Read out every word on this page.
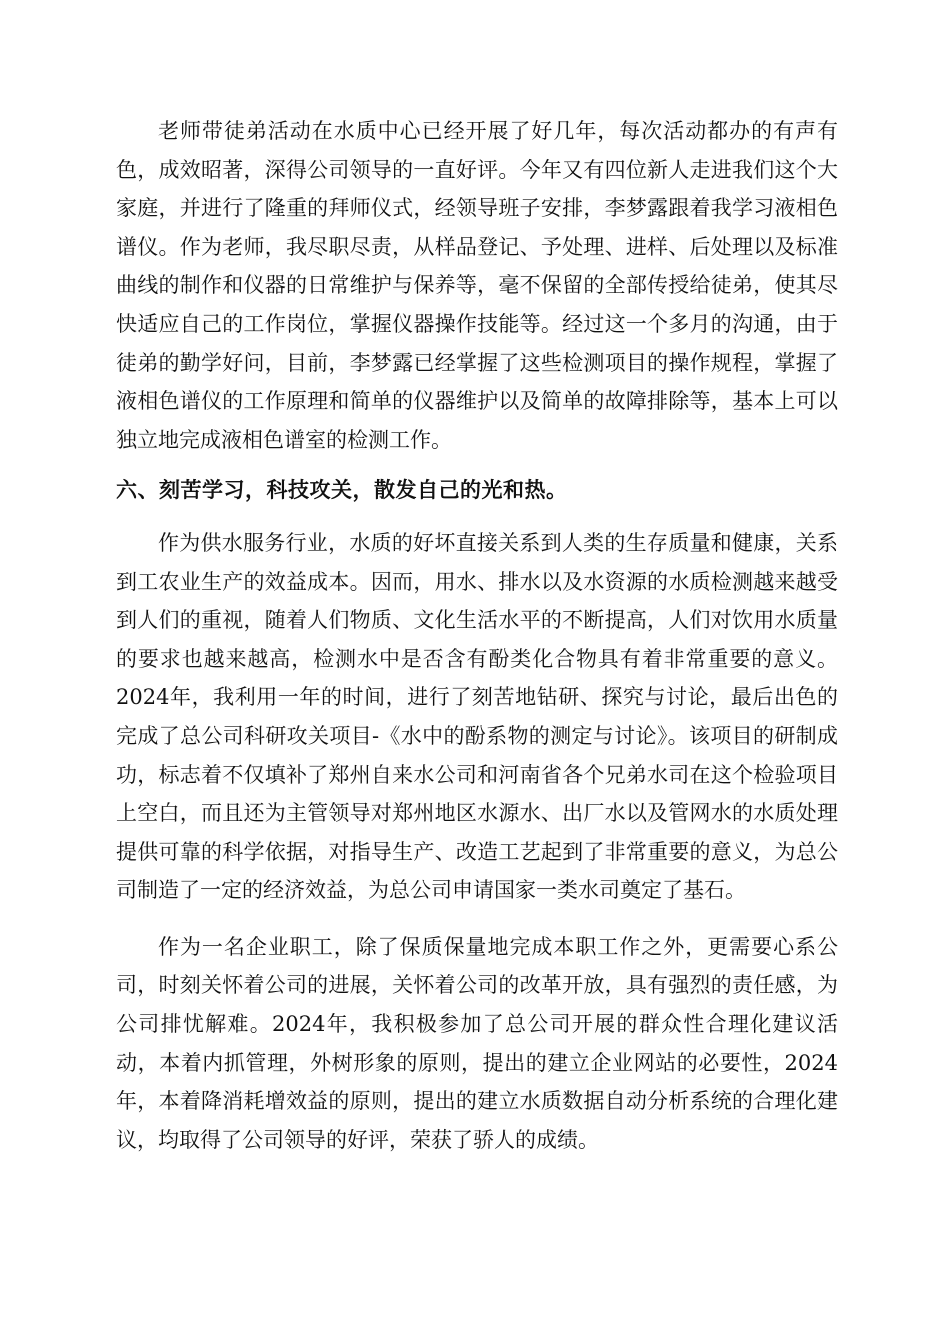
老师带徒弟活动在水质中心已经开展了好几年，每次活动都办的有声有色，成效昭著，深得公司领导的一直好评。今年又有四位新人走进我们这个大家庭，并进行了隆重的拜师仪式，经领导班子安排，李梦露跟着我学习液相色谱仪。作为老师，我尽职尽责，从样品登记、予处理、进样、后处理以及标准曲线的制作和仪器的日常维护与保养等，毫不保留的全部传授给徒弟，使其尽快适应自己的工作岗位，掌握仪器操作技能等。经过这一个多月的沟通，由于徒弟的勤学好问，目前，李梦露已经掌握了这些检测项目的操作规程，掌握了液相色谱仪的工作原理和简单的仪器维护以及简单的故障排除等，基本上可以独立地完成液相色谱室的检测工作。

六、刻苦学习，科技攻关，散发自己的光和热。

作为供水服务行业，水质的好坏直接关系到人类的生存质量和健康，关系到工农业生产的效益成本。因而，用水、排水以及水资源的水质检测越来越受到人们的重视，随着人们物质、文化生活水平的不断提高，人们对饮用水质量的要求也越来越高，检测水中是否含有酚类化合物具有着非常重要的意义。2024年，我利用一年的时间，进行了刻苦地钻研、探究与讨论，最后出色的完成了总公司科研攻关项目-《水中的酚系物的测定与讨论》。该项目的研制成功，标志着不仅填补了郑州自来水公司和河南省各个兄弟水司在这个检验项目上空白，而且还为主管领导对郑州地区水源水、出厂水以及管网水的水质处理提供可靠的科学依据，对指导生产、改造工艺起到了非常重要的意义，为总公司制造了一定的经济效益，为总公司申请国家一类水司奠定了基石。

作为一名企业职工，除了保质保量地完成本职工作之外，更需要心系公司，时刻关怀着公司的进展，关怀着公司的改革开放，具有强烈的责任感，为公司排忧解难。2024年，我积极参加了总公司开展的群众性合理化建议活动，本着内抓管理，外树形象的原则，提出的建立企业网站的必要性，2024年，本着降消耗增效益的原则，提出的建立水质数据自动分析系统的合理化建议，均取得了公司领导的好评，荣获了骄人的成绩。
